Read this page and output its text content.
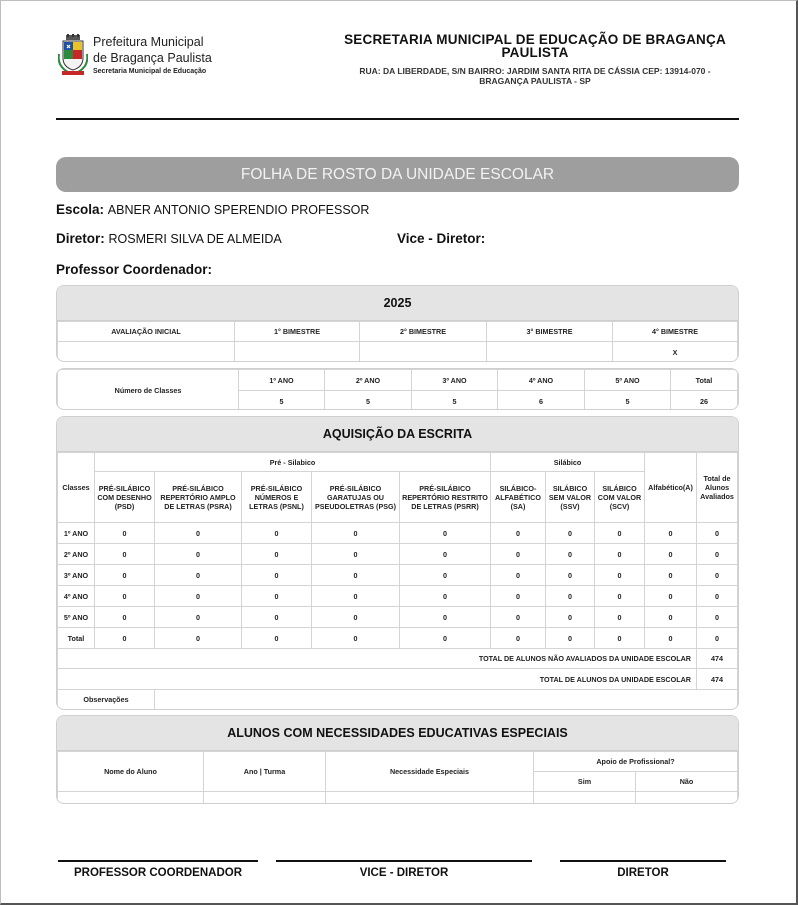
Prefeitura Municipal
de Bragança Paulista
Secretaria Municipal de Educação
SECRETARIA MUNICIPAL DE EDUCAÇÃO DE BRAGANÇA PAULISTA
RUA: DA LIBERDADE, S/N BAIRRO: JARDIM SANTA RITA DE CÁSSIA CEP: 13914-070 - BRAGANÇA PAULISTA - SP
FOLHA DE ROSTO DA UNIDADE ESCOLAR
Escola: ABNER ANTONIO SPERENDIO PROFESSOR
Diretor: ROSMERI SILVA DE ALMEIDA	Vice - Diretor:
Professor Coordenador:
2025
AVALIAÇÃO INICIAL	1° BIMESTRE	2° BIMESTRE	3° BIMESTRE	4° BIMESTRE
				X
Número de Classes	1º ANO	2º ANO	3º ANO	4º ANO	5º ANO	Total
	5	5	5	6	5	26
AQUISIÇÃO DA ESCRITA
Classes	Pré - Silabico					Silábico			Alfabético(A)	Total de Alunos Avaliados
	PRÉ-SILÁBICO COM DESENHO (PSD)	PRÉ-SILÁBICO REPERTÓRIO AMPLO DE LETRAS (PSRA)	PRÉ-SILÁBICO NÚMEROS E LETRAS (PSNL)	PRÉ-SILÁBICO GARATUJAS OU PSEUDOLETRAS (PSG)	PRÉ-SILÁBICO REPERTÓRIO RESTRITO DE LETRAS (PSRR)	SILÁBICO-ALFABÉTICO (SA)	SILÁBICO SEM VALOR (SSV)	SILÁBICO COM VALOR (SCV)		
1º ANO	0	0	0	0	0	0	0	0	0	0
2º ANO	0	0	0	0	0	0	0	0	0	0
3º ANO	0	0	0	0	0	0	0	0	0	0
4º ANO	0	0	0	0	0	0	0	0	0	0
5º ANO	0	0	0	0	0	0	0	0	0	0
Total	0	0	0	0	0	0	0	0	0	0
TOTAL DE ALUNOS NÃO AVALIADOS DA UNIDADE ESCOLAR										474
TOTAL DE ALUNOS DA UNIDADE ESCOLAR										474
Observações										
ALUNOS COM NECESSIDADES EDUCATIVAS ESPECIAIS
Nome do Aluno	Ano | Turma	Necessidade Especiais	Apoio de Profissional?	
			Sim	Não

PROFESSOR COORDENADOR	VICE - DIRETOR	DIRETOR
